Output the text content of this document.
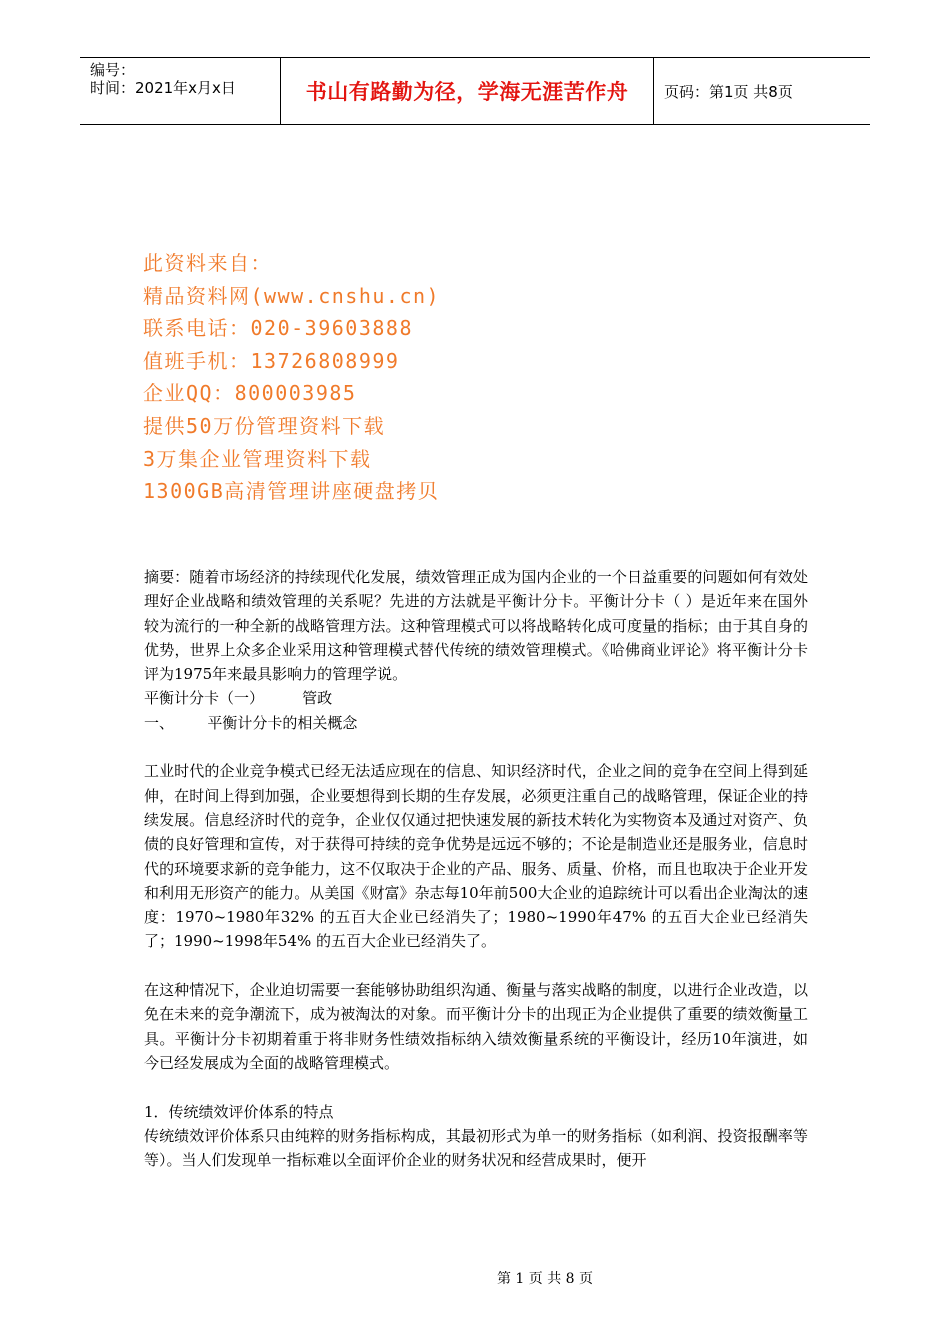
编号：
时间：2021年x月x日	书山有路勤为径，学海无涯苦作舟	页码：第1页 共8页
此资料来自：
精品资料网(www.cnshu.cn)
联系电话：020-39603888
值班手机：13726808999
企业QQ：800003985
提供50万份管理资料下载
3万集企业管理资料下载
1300GB高清管理讲座硬盘拷贝

摘要：随着市场经济的持续现代化发展，绩效管理正成为国内企业的一个日益重要的问题如何有效处理好企业战略和绩效管理的关系呢？先进的方法就是平衡计分卡。平衡计分卡（ ）是近年来在国外较为流行的一种全新的战略管理方法。这种管理模式可以将战略转化成可度量的指标；由于其自身的优势，世界上众多企业采用这种管理模式替代传统的绩效管理模式。《哈佛商业评论》将平衡计分卡评为1975年来最具影响力的管理学说。

平衡计分卡（一）        管政

一、       平衡计分卡的相关概念

工业时代的企业竞争模式已经无法适应现在的信息、知识经济时代，企业之间的竞争在空间上得到延伸，在时间上得到加强，企业要想得到长期的生存发展，必须更注重自己的战略管理，保证企业的持续发展。信息经济时代的竞争，企业仅仅通过把快速发展的新技术转化为实物资本及通过对资产、负债的良好管理和宣传，对于获得可持续的竞争优势是远远不够的；不论是制造业还是服务业，信息时代的环境要求新的竞争能力，这不仅取决于企业的产品、服务、质量、价格，而且也取决于企业开发和利用无形资产的能力。从美国《财富》杂志每10年前500大企业的追踪统计可以看出企业淘汰的速度：1970~1980年32% 的五百大企业已经消失了；1980~1990年47% 的五百大企业已经消失了；1990~1998年54% 的五百大企业已经消失了。

在这种情况下，企业迫切需要一套能够协助组织沟通、衡量与落实战略的制度，以进行企业改造，以免在未来的竞争潮流下，成为被淘汰的对象。而平衡计分卡的出现正为企业提供了重要的绩效衡量工具。平衡计分卡初期着重于将非财务性绩效指标纳入绩效衡量系统的平衡设计，经历10年演进，如今已经发展成为全面的战略管理模式。

1．传统绩效评价体系的特点

传统绩效评价体系只由纯粹的财务指标构成，其最初形式为单一的财务指标（如利润、投资报酬率等等）。当人们发现单一指标难以全面评价企业的财务状况和经营成果时，便开

第 1 页 共 8 页
